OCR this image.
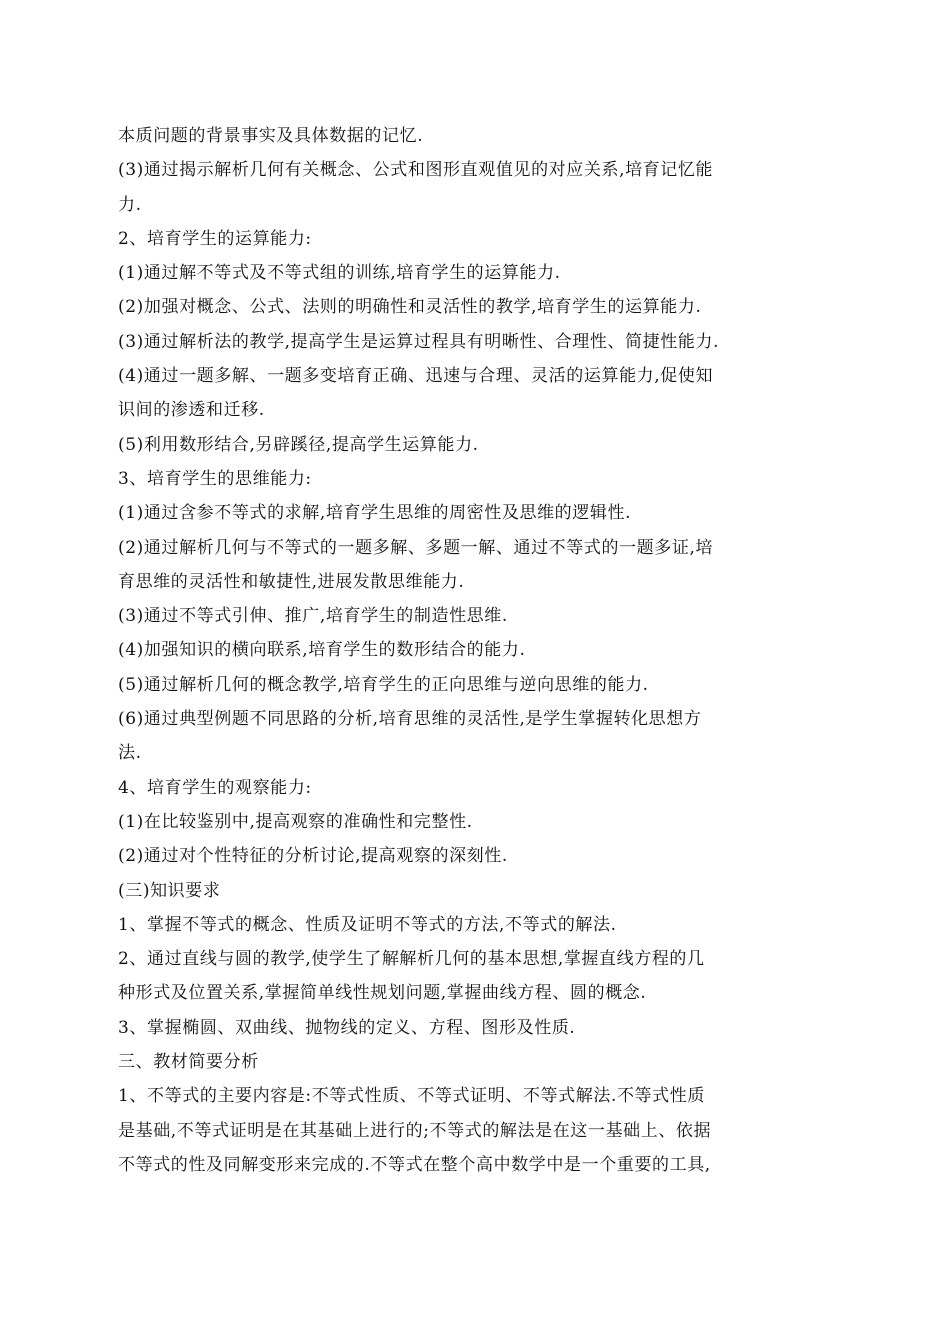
本质问题的背景事实及具体数据的记忆.
(3)通过揭示解析几何有关概念、公式和图形直观值见的对应关系,培育记忆能
力.
2、培育学生的运算能力:
(1)通过解不等式及不等式组的训练,培育学生的运算能力.
(2)加强对概念、公式、法则的明确性和灵活性的教学,培育学生的运算能力.
(3)通过解析法的教学,提高学生是运算过程具有明晰性、合理性、简捷性能力.
(4)通过一题多解、一题多变培育正确、迅速与合理、灵活的运算能力,促使知
识间的渗透和迁移.
(5)利用数形结合,另辟蹊径,提高学生运算能力.
3、培育学生的思维能力:
(1)通过含参不等式的求解,培育学生思维的周密性及思维的逻辑性.
(2)通过解析几何与不等式的一题多解、多题一解、通过不等式的一题多证,培
育思维的灵活性和敏捷性,进展发散思维能力.
(3)通过不等式引伸、推广,培育学生的制造性思维.
(4)加强知识的横向联系,培育学生的数形结合的能力.
(5)通过解析几何的概念教学,培育学生的正向思维与逆向思维的能力.
(6)通过典型例题不同思路的分析,培育思维的灵活性,是学生掌握转化思想方
法.
4、培育学生的观察能力:
(1)在比较鉴别中,提高观察的准确性和完整性.
(2)通过对个性特征的分析讨论,提高观察的深刻性.
(三)知识要求
1、掌握不等式的概念、性质及证明不等式的方法,不等式的解法.
2、通过直线与圆的教学,使学生了解解析几何的基本思想,掌握直线方程的几
种形式及位置关系,掌握简单线性规划问题,掌握曲线方程、圆的概念.
3、掌握椭圆、双曲线、抛物线的定义、方程、图形及性质.
三、教材简要分析
1、不等式的主要内容是:不等式性质、不等式证明、不等式解法.不等式性质
是基础,不等式证明是在其基础上进行的;不等式的解法是在这一基础上、依据
不等式的性及同解变形来完成的.不等式在整个高中数学中是一个重要的工具,
